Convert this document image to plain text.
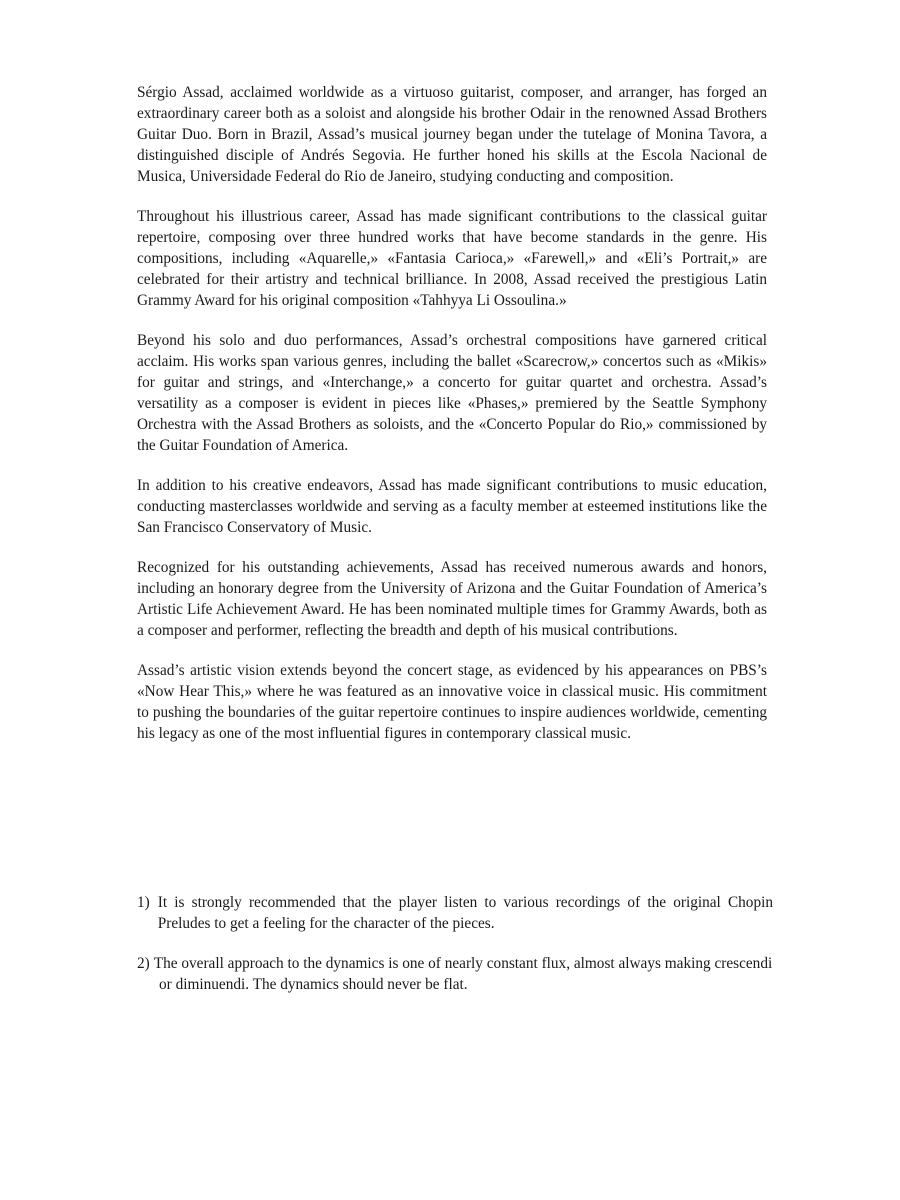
Sérgio Assad, acclaimed worldwide as a virtuoso guitarist, composer, and arranger, has forged an extraordinary career both as a soloist and alongside his brother Odair in the renowned Assad Brothers Guitar Duo. Born in Brazil, Assad’s musical journey began under the tutelage of Monina Tavora, a distinguished disciple of Andrés Segovia. He further honed his skills at the Escola Nacional de Musica, Universidade Federal do Rio de Janeiro, studying conducting and composition.

Throughout his illustrious career, Assad has made significant contributions to the classical guitar repertoire, composing over three hundred works that have become standards in the genre. His compositions, including «Aquarelle,» «Fantasia Carioca,» «Farewell,» and «Eli’s Portrait,» are celebrated for their artistry and technical brilliance. In 2008, Assad received the prestigious Latin Grammy Award for his original composition «Tahhyya Li Ossoulina.»

Beyond his solo and duo performances, Assad’s orchestral compositions have garnered critical acclaim. His works span various genres, including the ballet «Scarecrow,» concertos such as «Mikis» for guitar and strings, and «Interchange,» a concerto for guitar quartet and orchestra. Assad’s versatility as a composer is evident in pieces like «Phases,» premiered by the Seattle Symphony Orchestra with the Assad Brothers as soloists, and the «Concerto Popular do Rio,» commissioned by the Guitar Foundation of America.

In addition to his creative endeavors, Assad has made significant contributions to music education, conducting masterclasses worldwide and serving as a faculty member at esteemed institutions like the San Francisco Conservatory of Music.

Recognized for his outstanding achievements, Assad has received numerous awards and honors, including an honorary degree from the University of Arizona and the Guitar Foundation of America’s Artistic Life Achievement Award. He has been nominated multiple times for Grammy Awards, both as a composer and performer, reflecting the breadth and depth of his musical contributions.

Assad’s artistic vision extends beyond the concert stage, as evidenced by his appearances on PBS’s «Now Hear This,» where he was featured as an innovative voice in classical music. His commitment to pushing the boundaries of the guitar repertoire continues to inspire audiences worldwide, cementing his legacy as one of the most influential figures in contemporary classical music.

1) It is strongly recommended that the player listen to various recordings of the original Chopin Preludes to get a feeling for the character of the pieces.
2) The overall approach to the dynamics is one of nearly constant flux, almost always making crescendi or diminuendi. The dynamics should never be flat.
